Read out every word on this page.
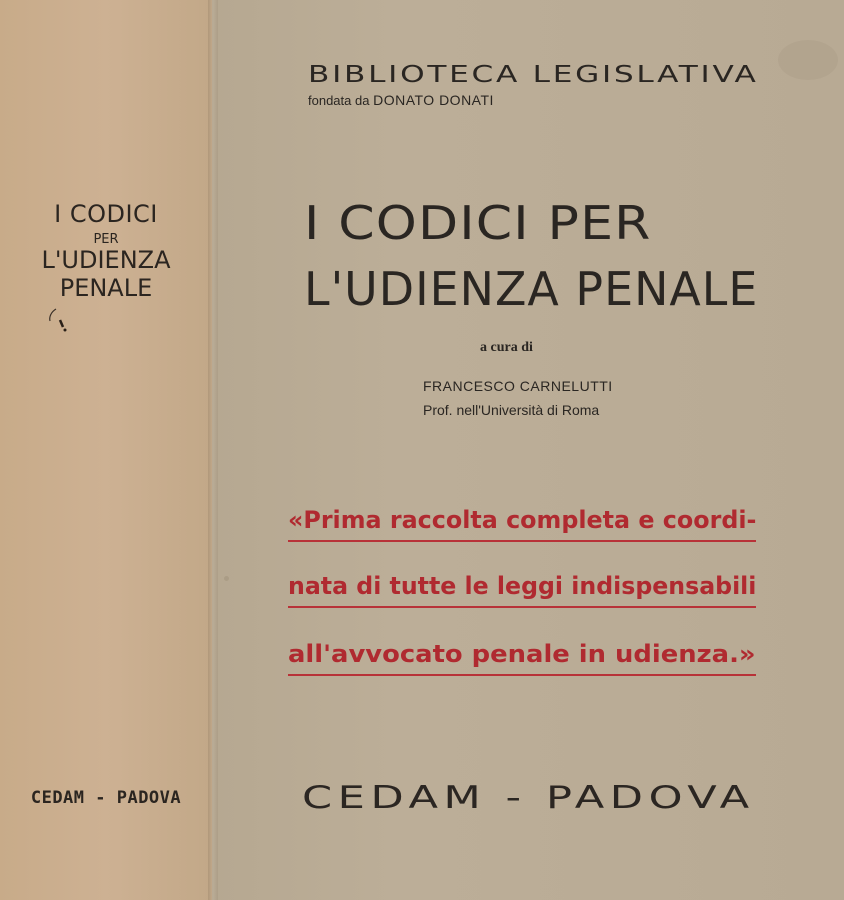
I CODICI
PER
L'UDIENZA
PENALE
CEDAM - PADOVA
BIBLIOTECA LEGISLATIVA
fondata da DONATO DONATI
I CODICI PER
L'UDIENZA PENALE
a cura di
FRANCESCO CARNELUTTI
Prof. nell'Università di Roma
«Prima raccolta completa e coordi-
nata di tutte le leggi indispensabili
all'avvocato penale in udienza.»
CEDAM - PADOVA
